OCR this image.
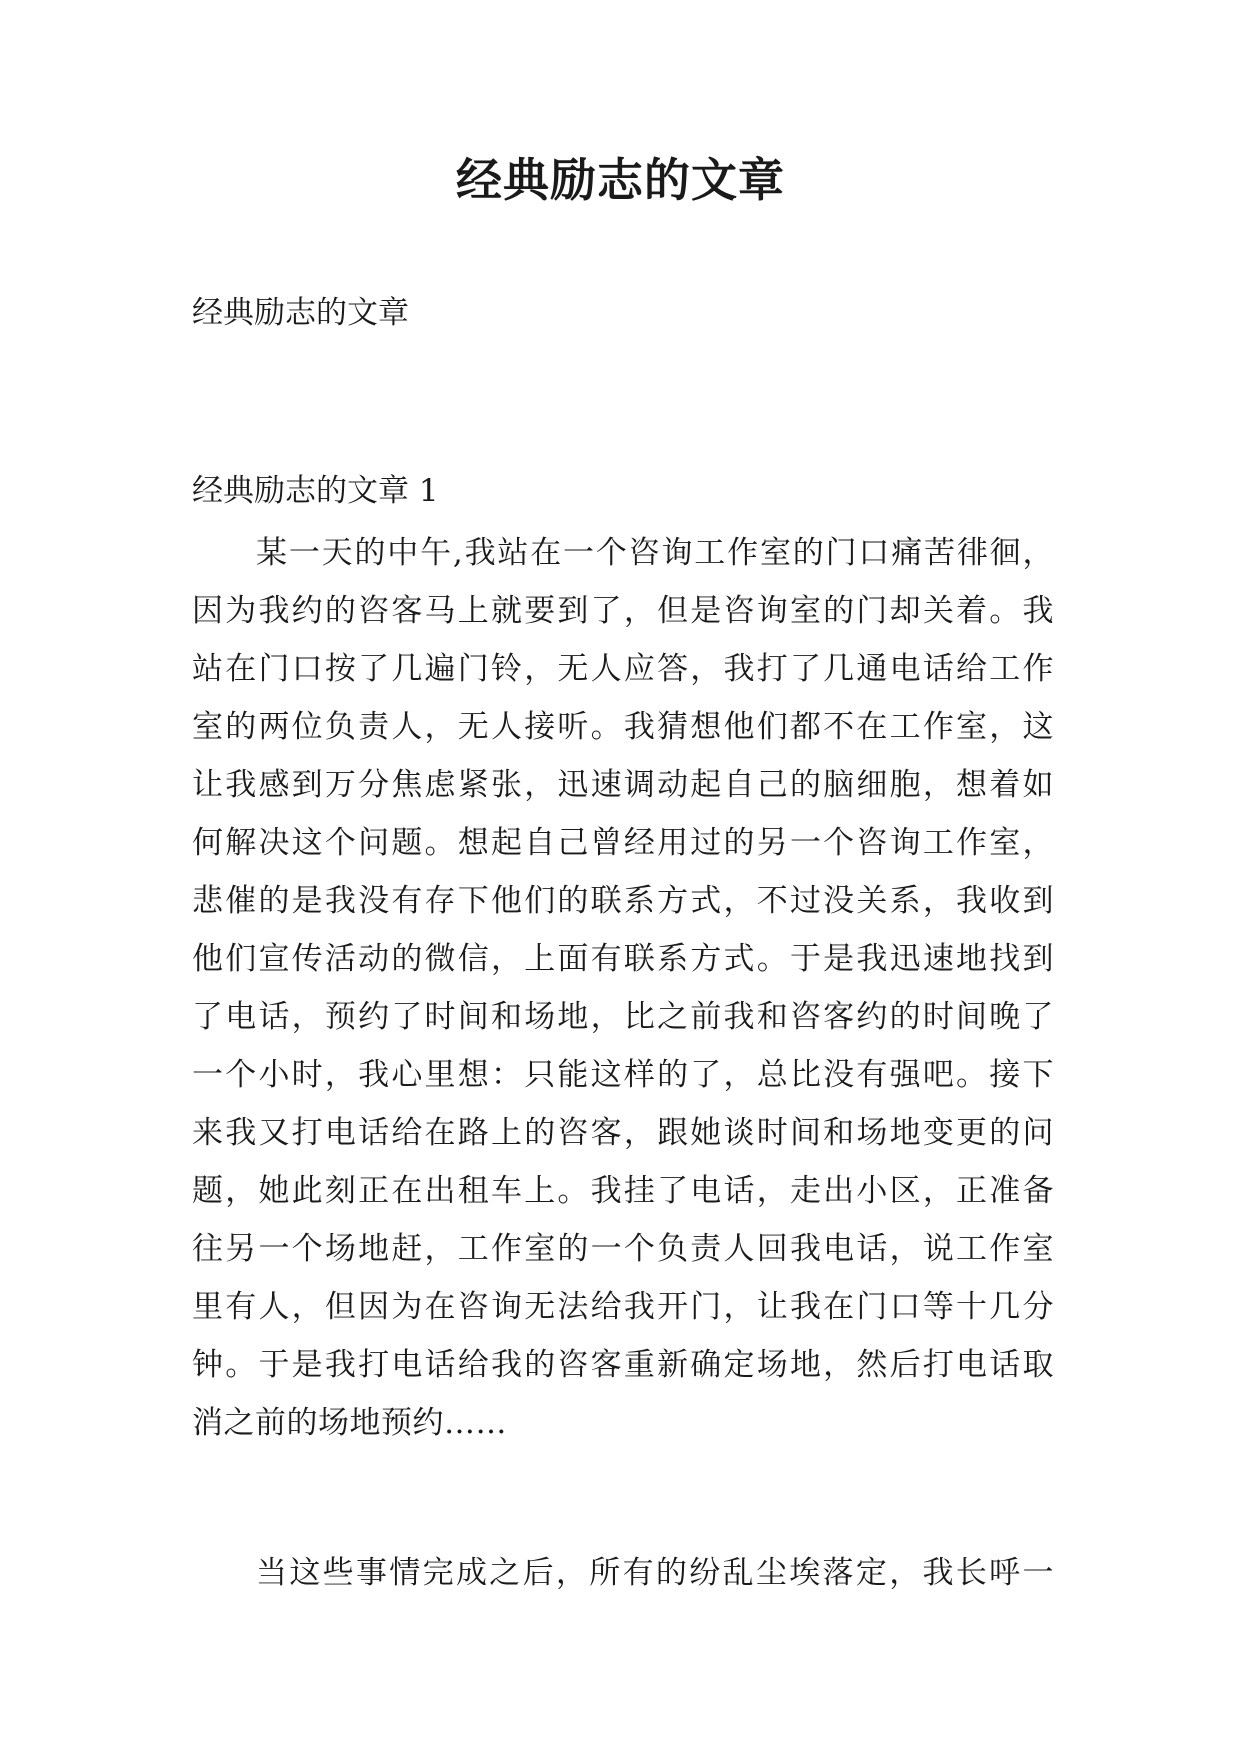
经典励志的文章

经典励志的文章

经典励志的文章 1

某一天的中午,我站在一个咨询工作室的门口痛苦徘徊，
因为我约的咨客马上就要到了，但是咨询室的门却关着。我
站在门口按了几遍门铃，无人应答，我打了几通电话给工作
室的两位负责人，无人接听。我猜想他们都不在工作室，这
让我感到万分焦虑紧张，迅速调动起自己的脑细胞，想着如
何解决这个问题。想起自己曾经用过的另一个咨询工作室，
悲催的是我没有存下他们的联系方式，不过没关系，我收到
他们宣传活动的微信，上面有联系方式。于是我迅速地找到
了电话，预约了时间和场地，比之前我和咨客约的时间晚了
一个小时，我心里想：只能这样的了，总比没有强吧。接下
来我又打电话给在路上的咨客，跟她谈时间和场地变更的问
题，她此刻正在出租车上。我挂了电话，走出小区，正准备
往另一个场地赶，工作室的一个负责人回我电话，说工作室
里有人，但因为在咨询无法给我开门，让我在门口等十几分
钟。于是我打电话给我的咨客重新确定场地，然后打电话取
消之前的场地预约……
当这些事情完成之后，所有的纷乱尘埃落定，我长呼一
